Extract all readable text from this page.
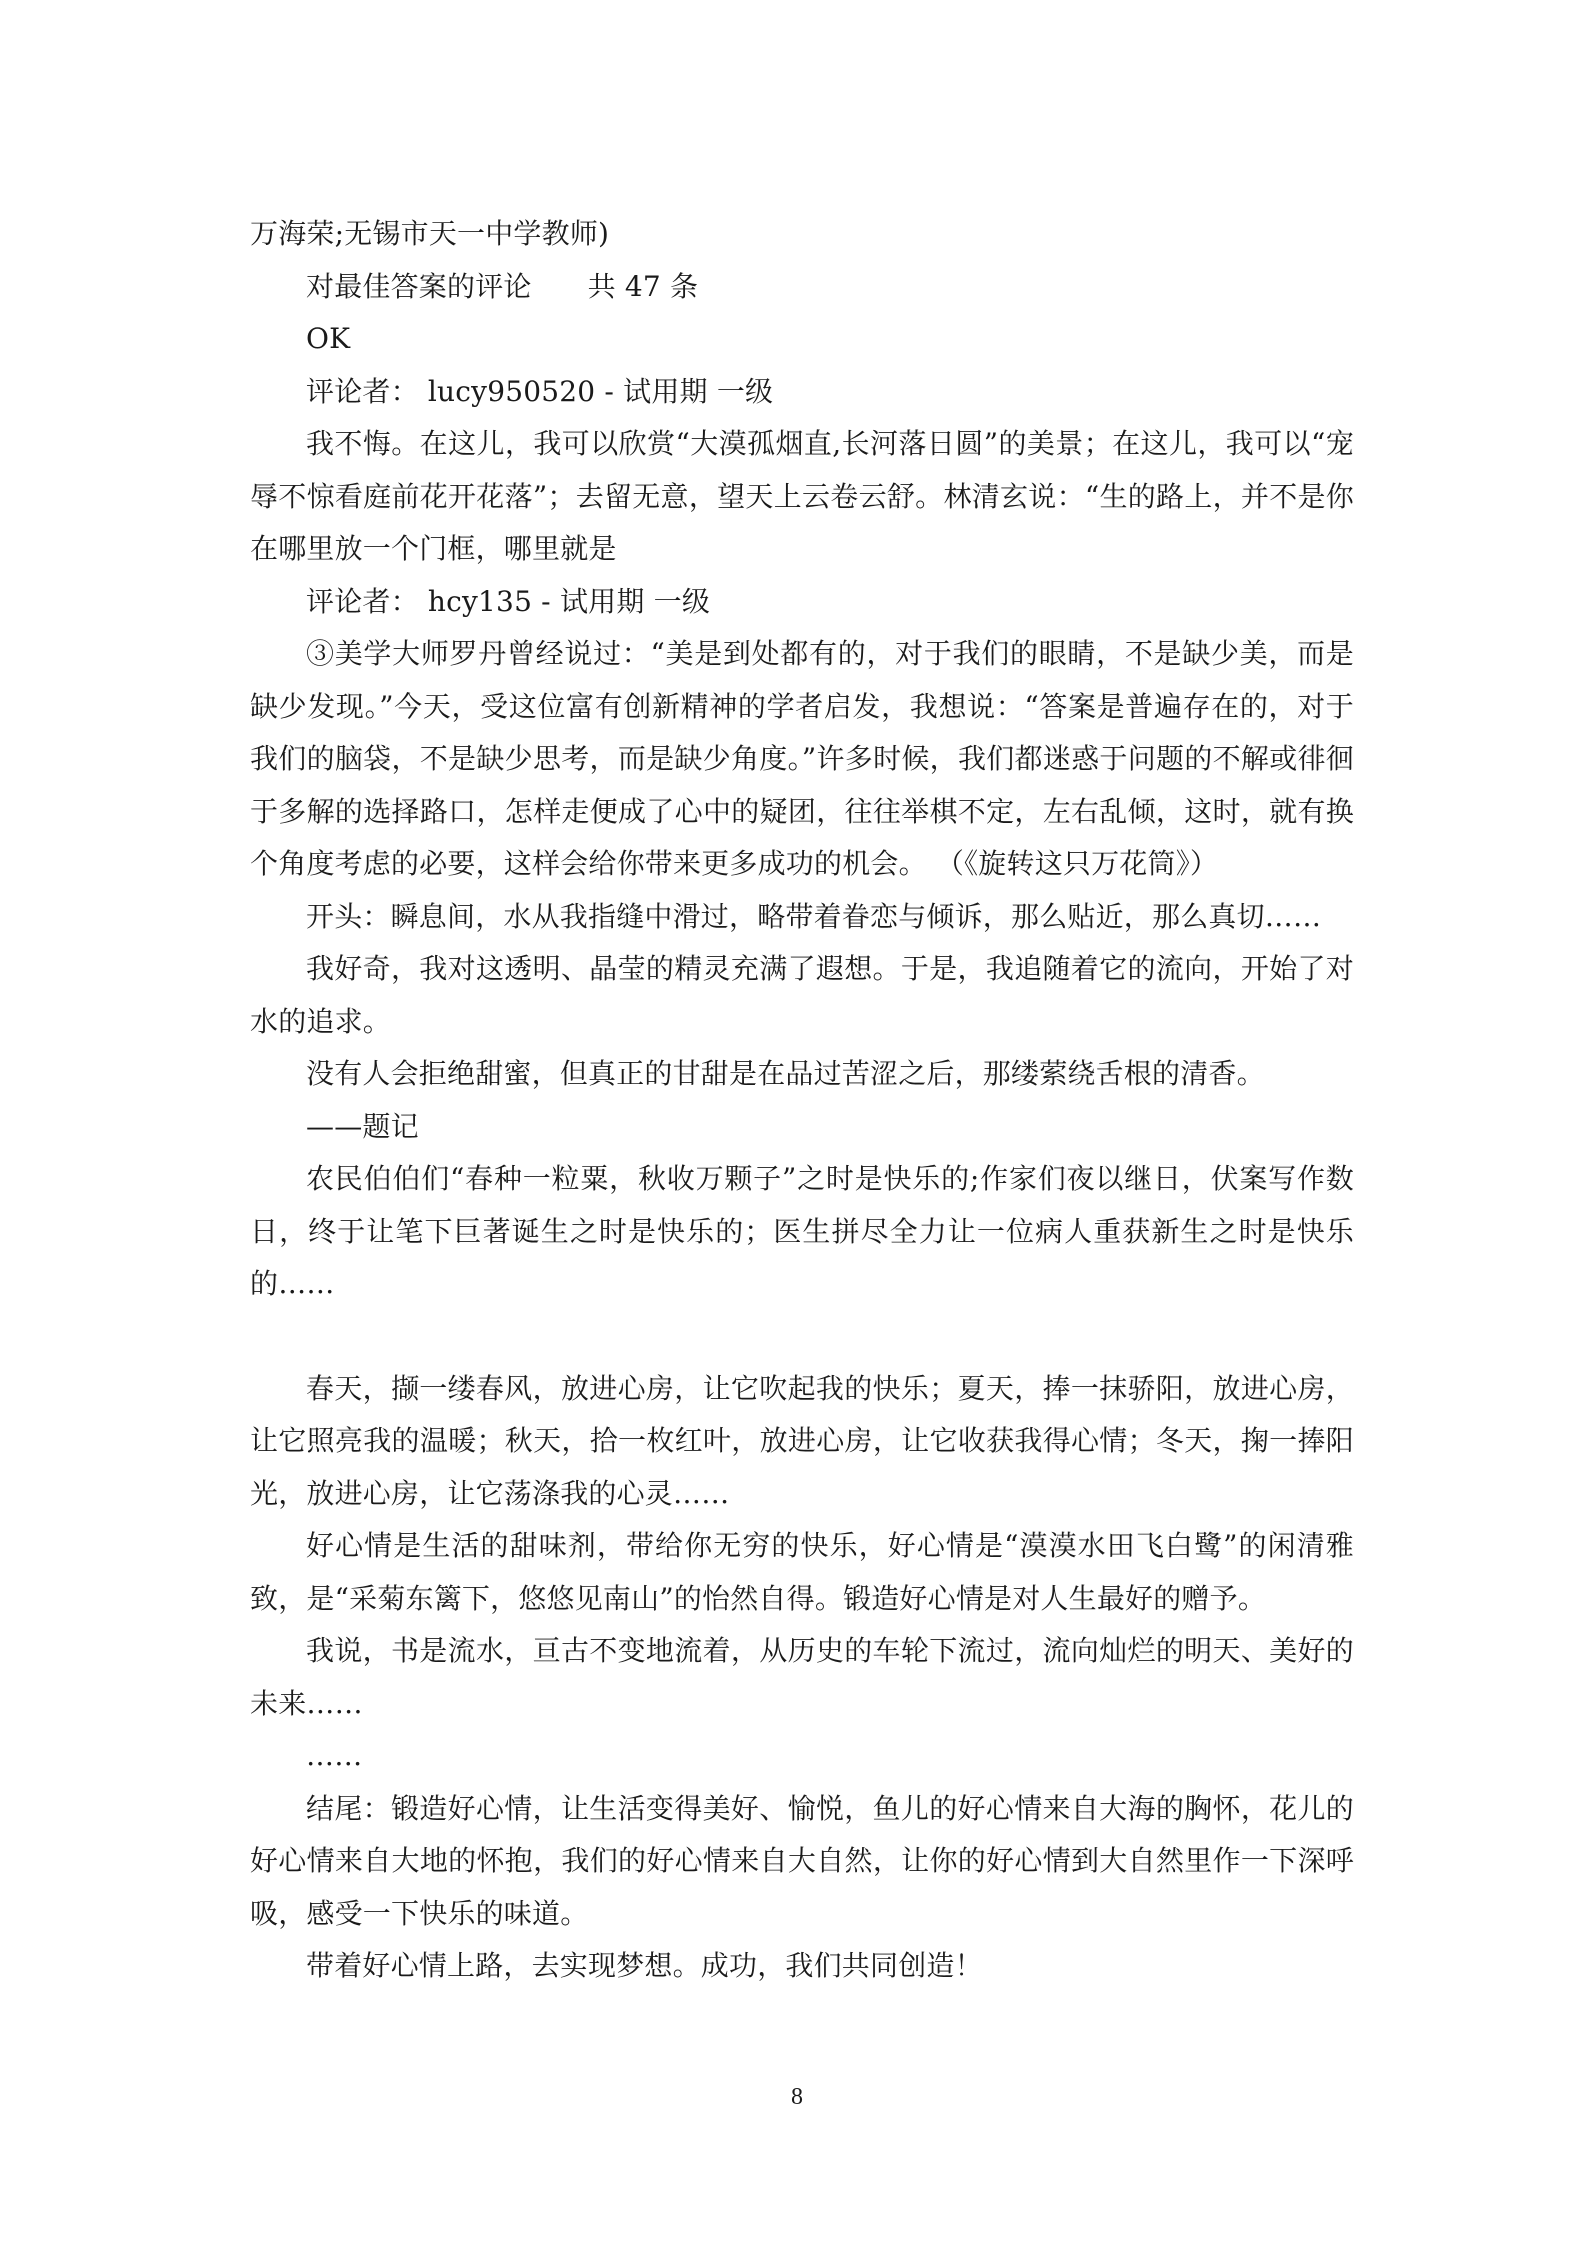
万海荣;无锡市天一中学教师)

对最佳答案的评论 共 47 条

OK

评论者： lucy950520 - 试用期 一级

我不悔。在这儿，我可以欣赏“大漠孤烟直,长河落日圆”的美景；在这儿，我可以“宠辱不惊看庭前花开花落”；去留无意，望天上云卷云舒。林清玄说：“生的路上，并不是你在哪里放一个门框，哪里就是

评论者： hcy135 - 试用期 一级

③美学大师罗丹曾经说过：“美是到处都有的，对于我们的眼睛，不是缺少美，而是缺少发现。”今天，受这位富有创新精神的学者启发，我想说：“答案是普遍存在的，对于我们的脑袋，不是缺少思考，而是缺少角度。”许多时候，我们都迷惑于问题的不解或徘徊于多解的选择路口，怎样走便成了心中的疑团，往往举棋不定，左右乱倾，这时，就有换个角度考虑的必要，这样会给你带来更多成功的机会。 （《旋转这只万花筒》）

开头：瞬息间，水从我指缝中滑过，略带着眷恋与倾诉，那么贴近，那么真切……

我好奇，我对这透明、晶莹的精灵充满了遐想。于是，我追随着它的流向，开始了对水的追求。

没有人会拒绝甜蜜，但真正的甘甜是在品过苦涩之后，那缕萦绕舌根的清香。

——题记

农民伯伯们“春种一粒粟，秋收万颗子”之时是快乐的;作家们夜以继日，伏案写作数日，终于让笔下巨著诞生之时是快乐的；医生拼尽全力让一位病人重获新生之时是快乐的……

春天，撷一缕春风，放进心房，让它吹起我的快乐；夏天，捧一抹骄阳，放进心房，让它照亮我的温暖；秋天，拾一枚红叶，放进心房，让它收获我得心情；冬天，掬一捧阳光，放进心房，让它荡涤我的心灵……

好心情是生活的甜味剂，带给你无穷的快乐，好心情是“漠漠水田飞白鹭”的闲清雅致，是“采菊东篱下，悠悠见南山”的怡然自得。锻造好心情是对人生最好的赠予。

我说，书是流水，亘古不变地流着，从历史的车轮下流过，流向灿烂的明天、美好的未来……

……

结尾：锻造好心情，让生活变得美好、愉悦，鱼儿的好心情来自大海的胸怀，花儿的好心情来自大地的怀抱，我们的好心情来自大自然，让你的好心情到大自然里作一下深呼吸，感受一下快乐的味道。

带着好心情上路，去实现梦想。成功，我们共同创造！

8
